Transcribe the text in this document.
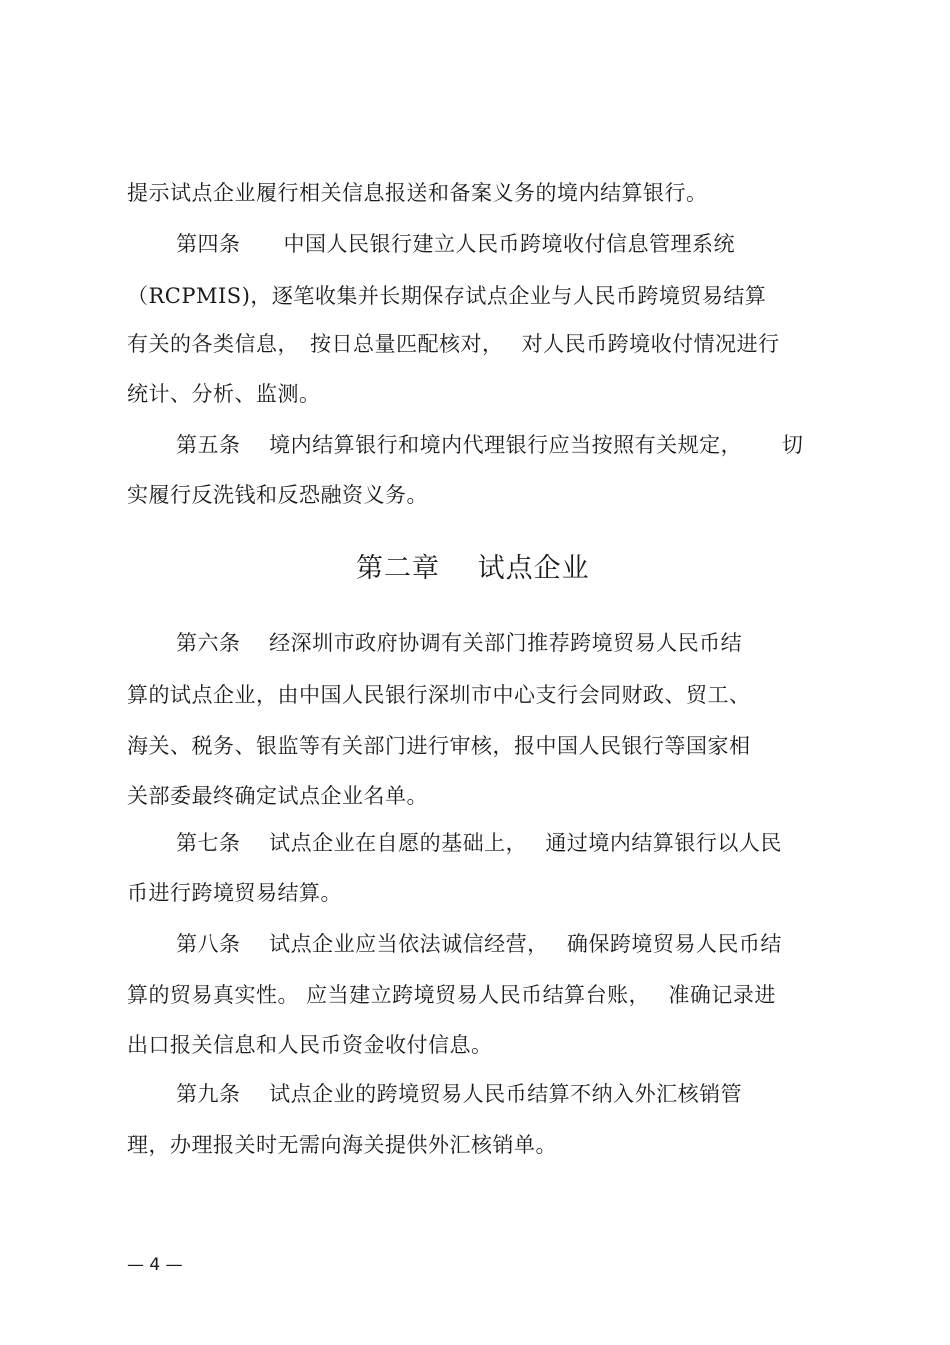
提示试点企业履行相关信息报送和备案义务的境内结算银行。
第四条　　中国人民银行建立人民币跨境收付信息管理系统
（RCPMIS)，逐笔收集并长期保存试点企业与人民币跨境贸易结算
有关的各类信息，　按日总量匹配核对，　 对人民币跨境收付情况进行
统计、分析、监测。
第五条　 境内结算银行和境内代理银行应当按照有关规定，　　 切
实履行反洗钱和反恐融资义务。
第二章　 试点企业
第六条　 经深圳市政府协调有关部门推荐跨境贸易人民币结
算的试点企业，由中国人民银行深圳市中心支行会同财政、贸工、
海关、税务、银监等有关部门进行审核，报中国人民银行等国家相
关部委最终确定试点企业名单。
第七条　 试点企业在自愿的基础上，　 通过境内结算银行以人民
币进行跨境贸易结算。
第八条　 试点企业应当依法诚信经营，　 确保跨境贸易人民币结
算的贸易真实性。 应当建立跨境贸易人民币结算台账，　 准确记录进
出口报关信息和人民币资金收付信息。
第九条　 试点企业的跨境贸易人民币结算不纳入外汇核销管
理，办理报关时无需向海关提供外汇核销单。
— 4 —
